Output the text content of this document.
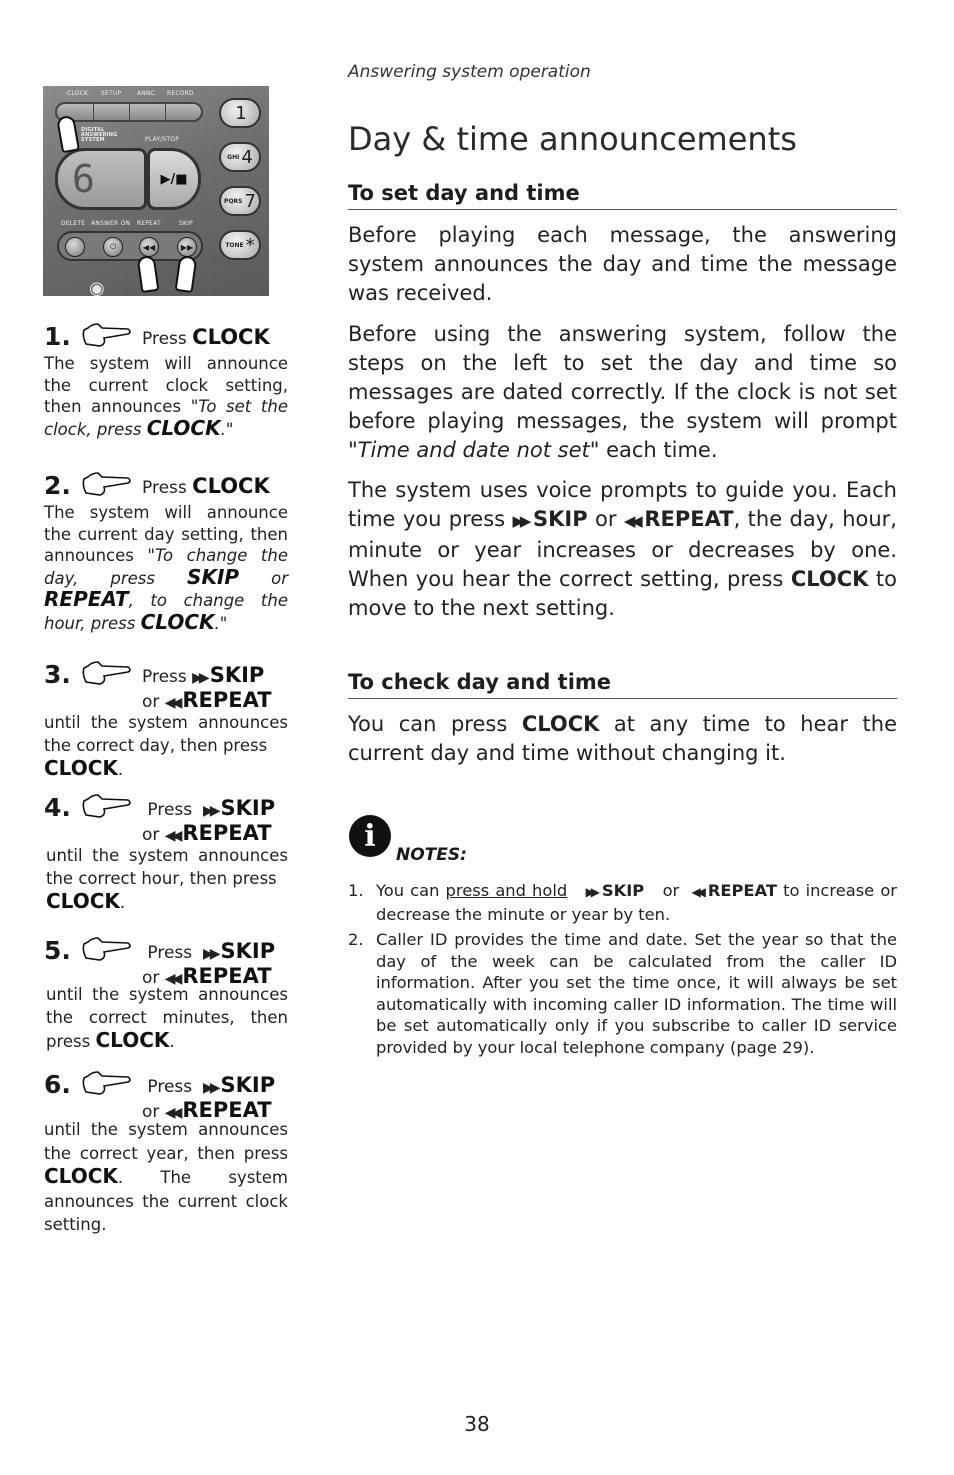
Answering system operation
CLOCK SETUP	ANNC. RECORD
DIGITAL ANSWERING SYSTEM	PLAY/STOP
6	▶/■
DELETE ANSWER ON REPEAT	SKIP
⏻	◀◀	▶▶
1
GHI 4
PQRS 7
TONE *
◉
1.	Press CLOCK
The system will announce the current clock setting, then announces "To set the clock, press CLOCK."
2.	Press CLOCK
The system will announce the current day setting, then announces "To change the day, press SKIP or REPEAT, to change the hour, press CLOCK."
3.	Press ▶▶ SKIP
or ◀◀ REPEAT
until the system announces the correct day, then press
CLOCK.
4.	Press ▶▶ SKIP
or ◀◀ REPEAT
until the system announces the correct hour, then press
CLOCK.
5.	Press ▶▶ SKIP
or ◀◀ REPEAT
until the system announces the correct minutes, then press CLOCK.
6.	Press ▶▶ SKIP
or ◀◀ REPEAT
until the system announces the correct year, then press CLOCK. The system announces the current clock setting.
Day & time announcements
To set day and time

Before playing each message, the answering system announces the day and time the message was received.

Before using the answering system, follow the steps on the left to set the day and time so messages are dated correctly. If the clock is not set before playing messages, the system will prompt "Time and date not set" each time.

The system uses voice prompts to guide you. Each time you press ▶▶ SKIP or ◀◀ REPEAT, the day, hour, minute or year increases or decreases by one. When you hear the correct setting, press CLOCK to move to the next setting.

To check day and time

You can press CLOCK at any time to hear the current day and time without changing it.

i
NOTES:
1. You can press and hold ▶▶ SKIP   or  ◀◀ REPEAT to increase or decrease the minute or year by ten.
2. Caller ID provides the time and date. Set the year so that the day of the week can be calculated from the caller ID information. After you set the time once, it will always be set automatically with incoming caller ID information. The time will be set automatically only if you subscribe to caller ID service provided by your local telephone company (page 29).
38
